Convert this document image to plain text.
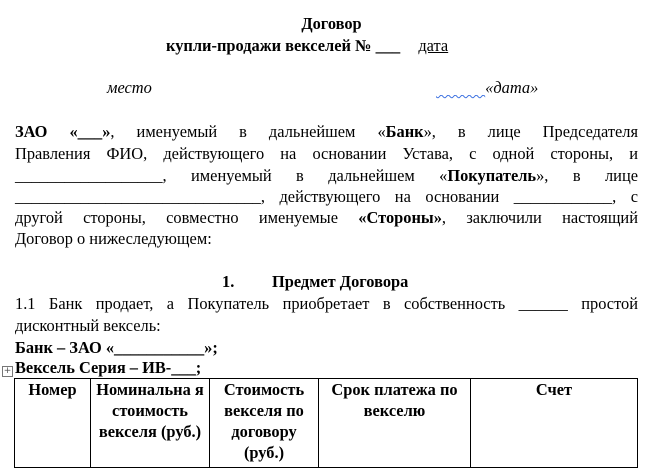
Договор
купли-продажи векселей № ___ дата
место	______«дата»
ЗАО «___», именуемый в дальнейшем «Банк», в лице Председателя
Правления ФИО, действующего на основании Устава, с одной стороны, и
__________________, именуемый в дальнейшем «Покупатель», в лице
______________________________, действующего на основании ____________, с
другой стороны, совместно именуемые «Стороны», заключили настоящий
Договор о нижеследующем:
1. Предмет Договора
1.1 Банк продает, а Покупатель приобретает в собственность ______ простой
дисконтный вексель:
Банк – ЗАО «___________»;
Вексель Серия – ИВ-___;
+
Номер	Номинальна я стоимость векселя (руб.)	Стоимость векселя по договору (руб.)	Срок платежа по векселю	Счет
